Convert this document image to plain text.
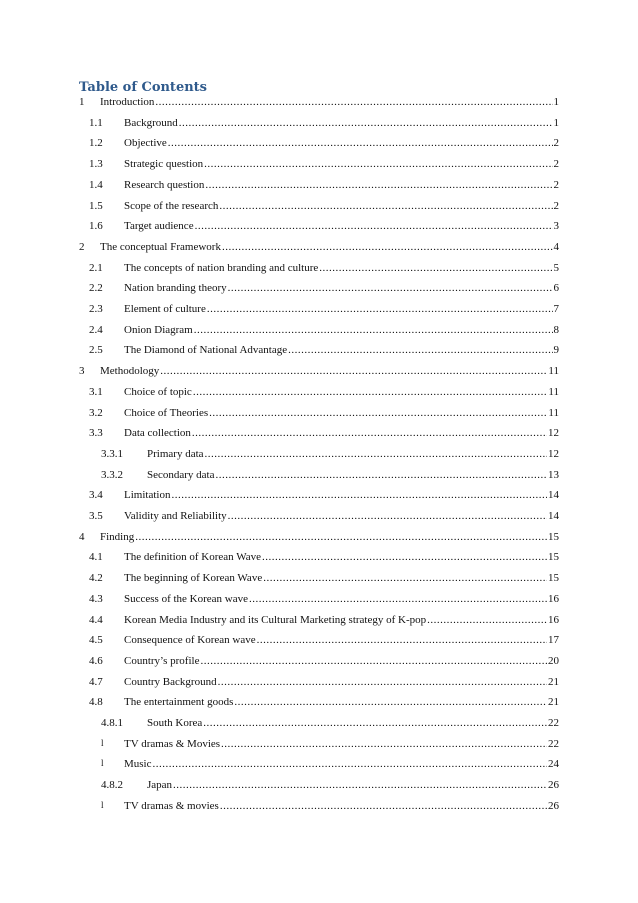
Table of Contents
1 Introduction .....	1
1.1 Background .....	1
1.2 Objective .....	2
1.3 Strategic question .....	2
1.4 Research question .....	2
1.5 Scope of the research .....	2
1.6 Target audience .....	3
2 The conceptual Framework .....	4
2.1 The concepts of nation branding and culture .....	5
2.2 Nation branding theory .....	6
2.3 Element of culture .....	7
2.4 Onion Diagram .....	8
2.5 The Diamond of National Advantage .....	9
3 Methodology .....	11
3.1 Choice of topic .....	11
3.2 Choice of Theories .....	11
3.3 Data collection .....	12
3.3.1 Primary data .....	12
3.3.2 Secondary data .....	13
3.4 Limitation .....	14
3.5 Validity and Reliability .....	14
4 Finding .....	15
4.1 The definition of Korean Wave .....	15
4.2 The beginning of Korean Wave .....	15
4.3 Success of the Korean wave .....	16
4.4 Korean Media Industry and its Cultural Marketing strategy of K-pop .....	16
4.5 Consequence of Korean wave .....	17
4.6 Country’s profile .....	20
4.7 Country Background .....	21
4.8 The entertainment goods .....	21
4.8.1 South Korea .....	22
l TV dramas & Movies .....	22
l Music .....	24
4.8.2 Japan .....	26
l TV dramas & movies .....	26
